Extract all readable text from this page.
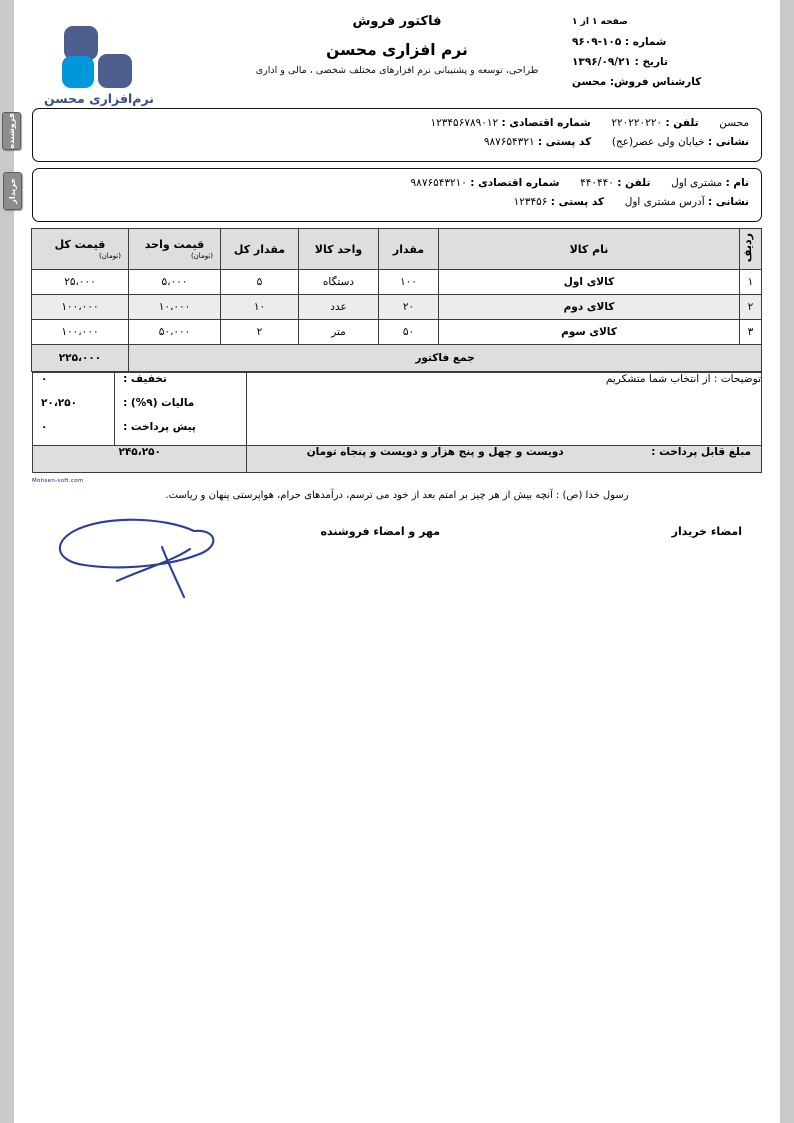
صفحه ۱ از ۱
شماره : ۱۰۵-۹۶۰۹
تاریخ : ۱۳۹۶/۰۹/۲۱
کارشناس فروش: محسن
فاکتور فروش
نرم افزاری محسن
طراحی، توسعه و پشتیبانی نرم افزارهای مختلف شخصی ، مالی و اداری
نرم‌افزاری محسن
فروشنده	محسن  تلفن : ۲۲۰۲۲۰۲۲۰  شماره اقتصادی : ۱۲۳۴۵۶۷۸۹۰۱۲
نشانی : خیابان ولی عصر(عج)  کد پستی : ۹۸۷۶۵۴۳۲۱
خریدار	نام : مشتری اول  تلفن : ۴۴۰۴۴۰  شماره اقتصادی : ۹۸۷۶۵۴۳۲۱۰
نشانی : آدرس مشتری اول  کد پستی : ۱۲۳۴۵۶
ردیف	نام کالا	مقدار	واحد کالا	مقدار کل	قیمت واحد
(تومان)	قیمت کل
(تومان)

۱	کالای اول	۱۰۰	دستگاه	۵	۵،۰۰۰	۲۵،۰۰۰
۲	کالای دوم	۲۰	عدد	۱۰	۱۰،۰۰۰	۱۰۰،۰۰۰
۳	کالای سوم	۵۰	متر	۲	۵۰،۰۰۰	۱۰۰،۰۰۰
جمع فاکتور						۲۲۵،۰۰۰
توضیحات : از انتخاب شما متشکریم	
تخفیف :	۰
مالیات (۹%) :	۲۰،۲۵۰
پیش پرداخت :	۰

مبلغ قابل پرداخت :	دویست و چهل و پنج هزار و دویست و پنجاه تومان
	۲۴۵،۲۵۰
Mohsen-soft.com
رسول خدا (ص) : آنچه بیش از هر چیز بر امتم بعد از خود می ترسم، درآمدهای حرام، هواپرستی پنهان و ریاست.
امضاء خریدار
مهر و امضاء فروشنده
